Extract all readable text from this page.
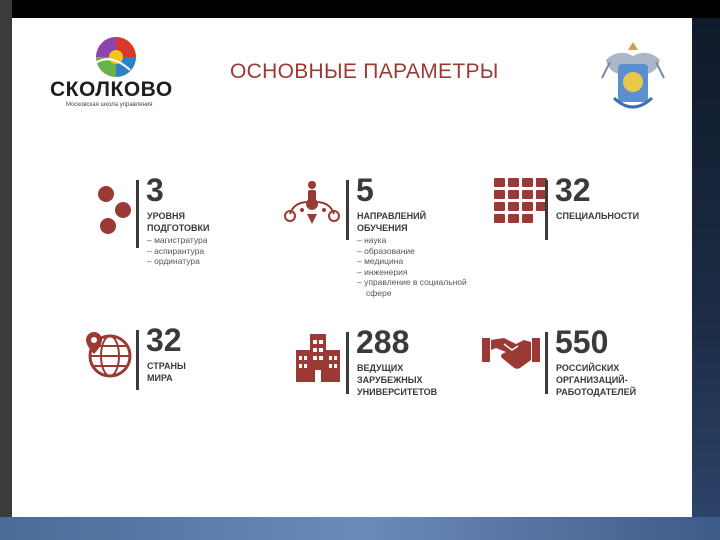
СКОЛКОВО
Московская школа управления
ОСНОВНЫЕ ПАРАМЕТРЫ
3
УРОВНЯ
ПОДГОТОВКИ
– магистратура
– аспирантура
– ординатура
5
НАПРАВЛЕНИЙ
ОБУЧЕНИЯ
– наука
– образование
– медицина
– инженерия
– управление в социальной
сфере
32
СПЕЦИАЛЬНОСТИ
32
СТРАНЫ
МИРА
288
ВЕДУЩИХ
ЗАРУБЕЖНЫХ
УНИВЕРСИТЕТОВ
550
РОССИЙСКИХ
ОРГАНИЗАЦИЙ-
РАБОТОДАТЕЛЕЙ
